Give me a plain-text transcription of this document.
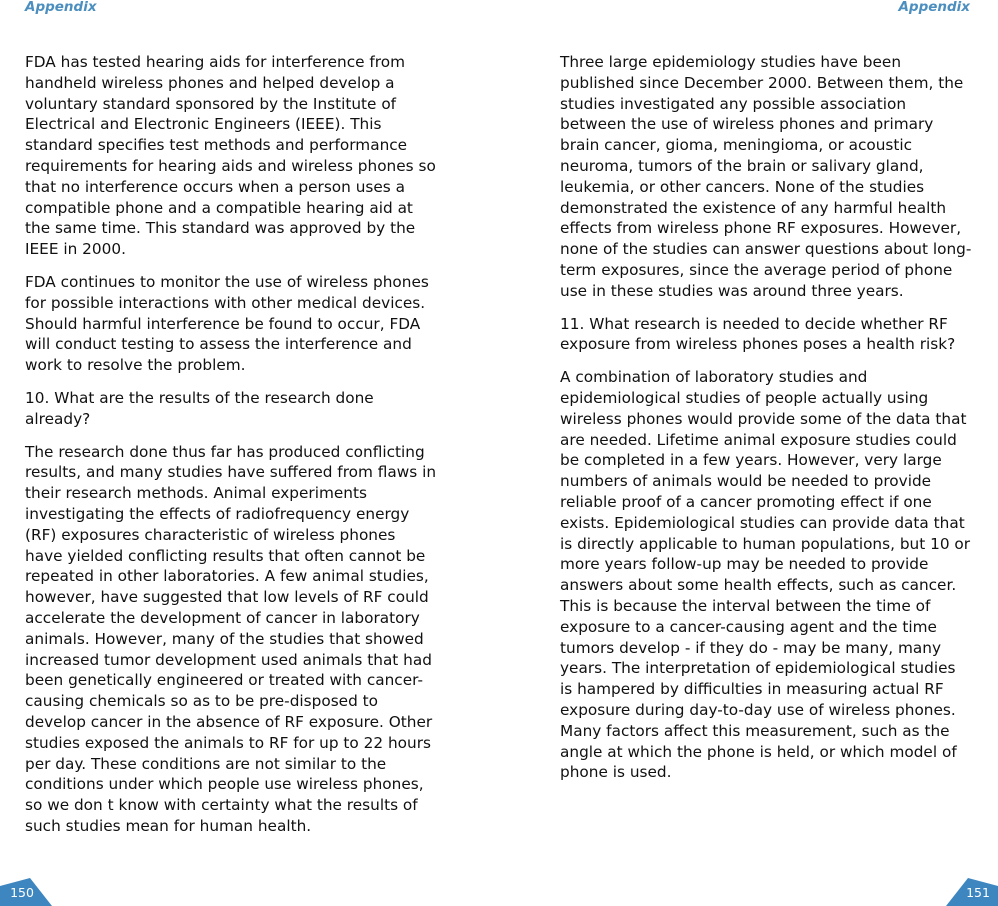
Appendix	Appendix

FDA has tested hearing aids for interference from handheld wireless phones and helped develop a voluntary standard sponsored by the Institute of Electrical and Electronic Engineers (IEEE). This standard specifies test methods and performance requirements for hearing aids and wireless phones so that no interference occurs when a person uses a compatible phone and a compatible hearing aid at the same time. This standard was approved by the IEEE in 2000.

FDA continues to monitor the use of wireless phones for possible interactions with other medical devices. Should harmful interference be found to occur, FDA will conduct testing to assess the interference and work to resolve the problem.

10. What are the results of the research done already?

The research done thus far has produced conflicting results, and many studies have suffered from flaws in their research methods. Animal experiments investigating the effects of radiofrequency energy (RF) exposures characteristic of wireless phones have yielded conflicting results that often cannot be repeated in other laboratories. A few animal studies, however, have suggested that low levels of RF could accelerate the development of cancer in laboratory animals. However, many of the studies that showed increased tumor development used animals that had been genetically engineered or treated with cancer-causing chemicals so as to be pre-disposed to develop cancer in the absence of RF exposure. Other studies exposed the animals to RF for up to 22 hours per day. These conditions are not similar to the conditions under which people use wireless phones, so we don t know with certainty what the results of such studies mean for human health.

Three large epidemiology studies have been published since December 2000. Between them, the studies investigated any possible association between the use of wireless phones and primary brain cancer, gioma, meningioma, or acoustic neuroma, tumors of the brain or salivary gland, leukemia, or other cancers. None of the studies demonstrated the existence of any harmful health effects from wireless phone RF exposures. However, none of the studies can answer questions about long-term exposures, since the average period of phone use in these studies was around three years.

11. What research is needed to decide whether RF exposure from wireless phones poses a health risk?

A combination of laboratory studies and epidemiological studies of people actually using wireless phones would provide some of the data that are needed. Lifetime animal exposure studies could be completed in a few years. However, very large numbers of animals would be needed to provide reliable proof of a cancer promoting effect if one exists. Epidemiological studies can provide data that is directly applicable to human populations, but 10 or more years follow-up may be needed to provide answers about some health effects, such as cancer. This is because the interval between the time of exposure to a cancer-causing agent and the time tumors develop - if they do - may be many, many years. The interpretation of epidemiological studies is hampered by difficulties in measuring actual RF exposure during day-to-day use of wireless phones. Many factors affect this measurement, such as the angle at which the phone is held, or which model of phone is used.

150	151
